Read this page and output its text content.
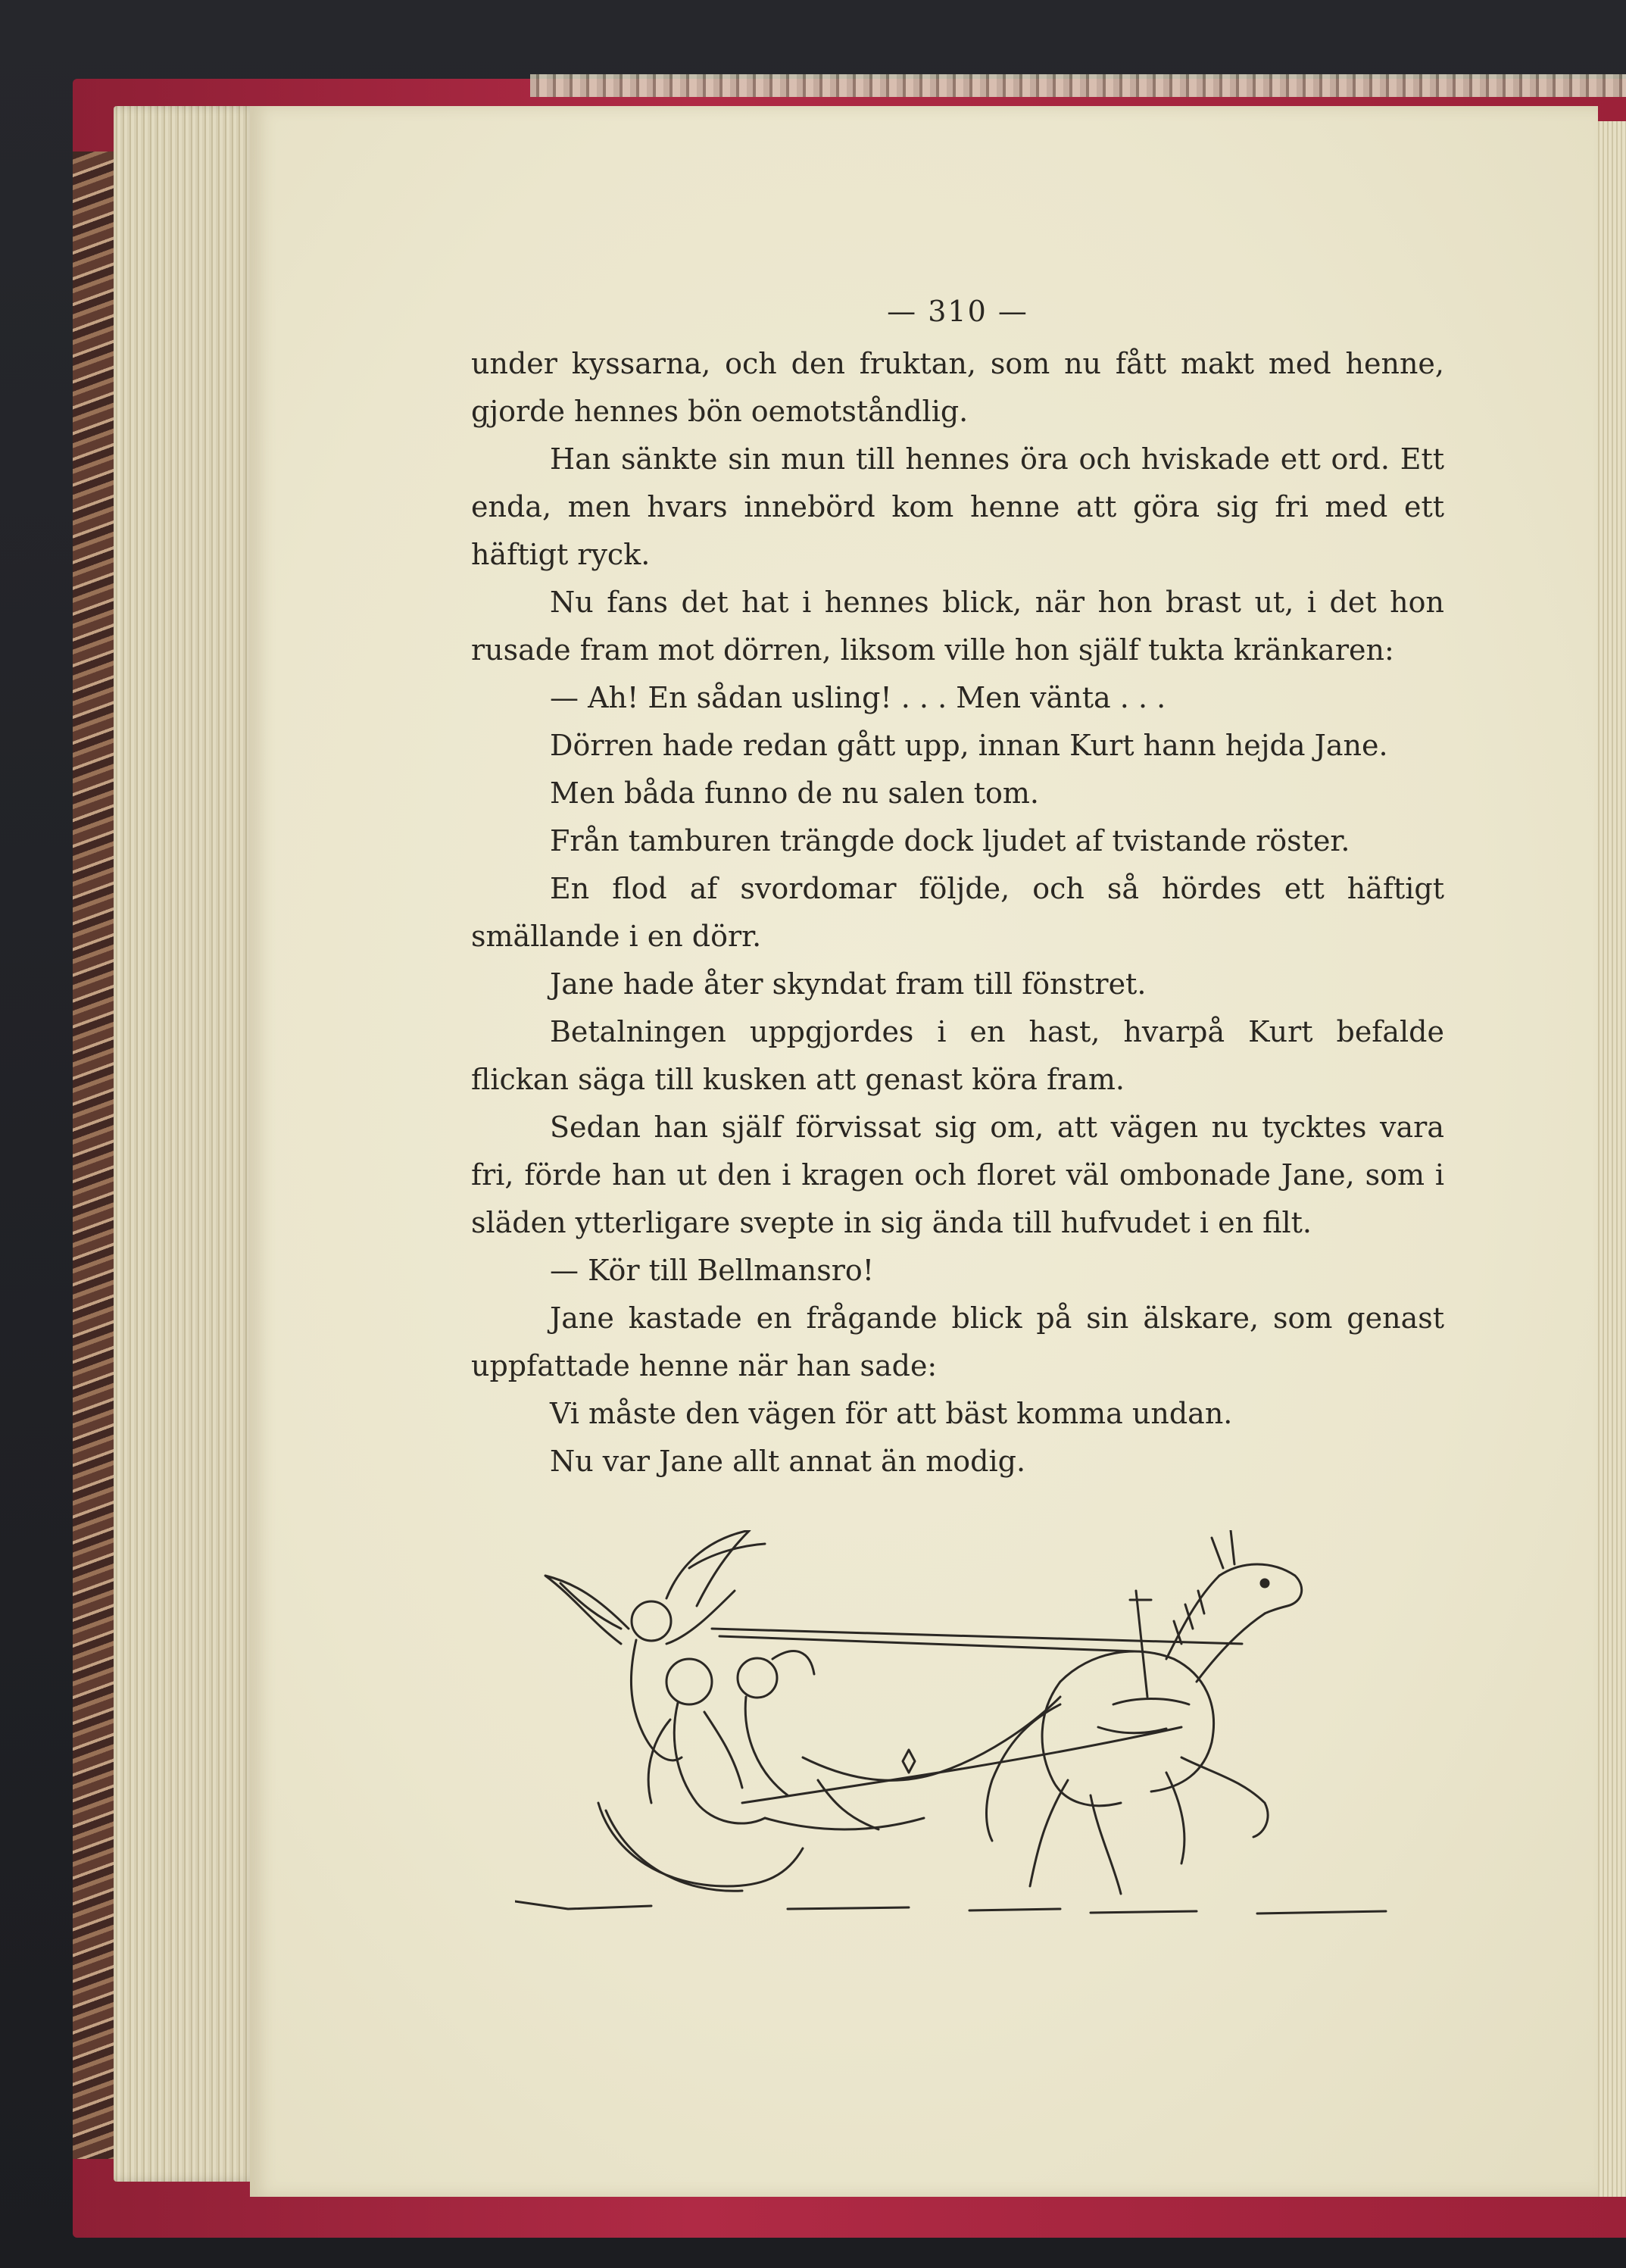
— 310 —

under kyssarna, och den fruktan, som nu fått makt med henne, gjorde hennes bön oemotståndlig.

Han sänkte sin mun till hennes öra och hviskade ett ord. Ett enda, men hvars innebörd kom henne att göra sig fri med ett häftigt ryck.

Nu fans det hat i hennes blick, när hon brast ut, i det hon rusade fram mot dörren, liksom ville hon själf tukta kränkaren:

— Ah! En sådan usling! . . . Men vänta . . .

Dörren hade redan gått upp, innan Kurt hann hejda Jane.

Men båda funno de nu salen tom.

Från tamburen trängde dock ljudet af tvistande röster.

En flod af svordomar följde, och så hördes ett häftigt smällande i en dörr.

Jane hade åter skyndat fram till fönstret.

Betalningen uppgjordes i en hast, hvarpå Kurt befalde flickan säga till kusken att genast köra fram.

Sedan han själf förvissat sig om, att vägen nu tycktes vara fri, förde han ut den i kragen och floret väl ombonade Jane, som i släden ytterligare svepte in sig ända till hufvudet i en filt.

— Kör till Bellmansro!

Jane kastade en frågande blick på sin älskare, som genast uppfattade henne när han sade:

Vi måste den vägen för att bäst komma undan.

Nu var Jane allt annat än modig.
